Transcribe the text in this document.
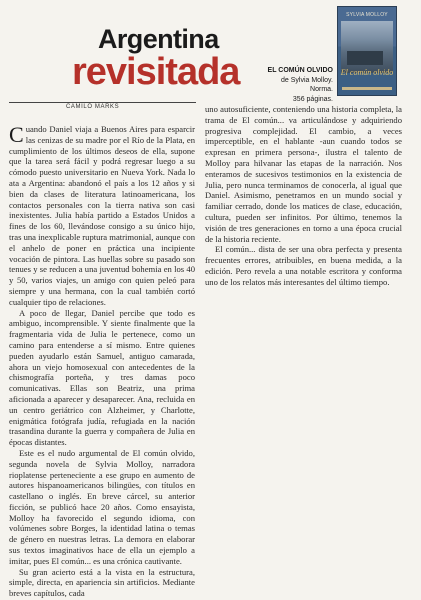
Argentina
revisitada	EL COMÚN OLVIDO
de Sylvia Molloy.
Norma.
356 páginas.
SYLVIA MOLLOY
El común olvido
CAMILO MARKS

Cuando Daniel viaja a Buenos Aires para esparcir las cenizas de su madre por el Río de la Plata, en cumplimiento de los últimos deseos de ella, supone que la tarea será fácil y podrá regresar luego a su cómodo puesto universitario en Nueva York. Nada lo ata a Argentina: abandonó el país a los 12 años y si bien da clases de literatura latinoamericana, los contactos personales con la tierra nativa son casi inexistentes. Julia había partido a Estados Unidos a fines de los 60, llevándose consigo a su único hijo, tras una inexplicable ruptura matrimonial, aunque con el anhelo de poner en práctica una incipiente vocación de pintora. Las huellas sobre su pasado son tenues y se reducen a una juventud bohemia en los 40 y 50, varios viajes, un amigo con quien peleó para siempre y una hermana, con la cual también cortó cualquier tipo de relaciones.

A poco de llegar, Daniel percibe que todo es ambiguo, incomprensible. Y siente finalmente que la fragmentaria vida de Julia le pertenece, como un camino para entenderse a sí mismo. Entre quienes pueden ayudarlo están Samuel, antiguo camarada, ahora un viejo homosexual con antecedentes de la chismografía porteña, y tres damas poco comunicativas. Ellas son Beatriz, una prima aficionada a aparecer y desaparecer. Ana, recluida en un centro geriátrico con Alzheimer, y Charlotte, enigmática fotógrafa judía, refugiada en la nación trasandina durante la guerra y compañera de Julia en épocas distantes.

Este es el nudo argumental de El común olvido, segunda novela de Sylvia Molloy, narradora rioplatense perteneciente a ese grupo en aumento de autores hispanoamericanos bilingües, con títulos en castellano o inglés. En breve cárcel, su anterior ficción, se publicó hace 20 años. Como ensayista, Molloy ha favorecido el segundo idioma, con volúmenes sobre Borges, la identidad latina o temas de género en nuestras letras. La demora en elaborar sus textos imaginativos hace de ella un ejemplo a imitar, pues El común... es una crónica cautivante.

Su gran acierto está a la vista en la estructura, simple, directa, en apariencia sin artificios. Mediante breves capítulos, cada

uno autosuficiente, conteniendo una historia completa, la trama de El común... va articulándose y adquiriendo progresiva complejidad. El cambio, a veces imperceptible, en el hablante -aun cuando todos se expresan en primera persona-, ilustra el talento de Molloy para hilvanar las etapas de la narración. Nos enteramos de sucesivos testimonios en la existencia de Julia, pero nunca terminamos de conocerla, al igual que Daniel. Asimismo, penetramos en un mundo social y familiar cerrado, donde los matices de clase, educación, cultura, pueden ser infinitos. Por último, tenemos la visión de tres generaciones en torno a una época crucial de la historia reciente.

El común... dista de ser una obra perfecta y presenta frecuentes errores, atribuibles, en buena medida, a la edición. Pero revela a una notable escritora y conforma uno de los relatos más interesantes del último tiempo.
